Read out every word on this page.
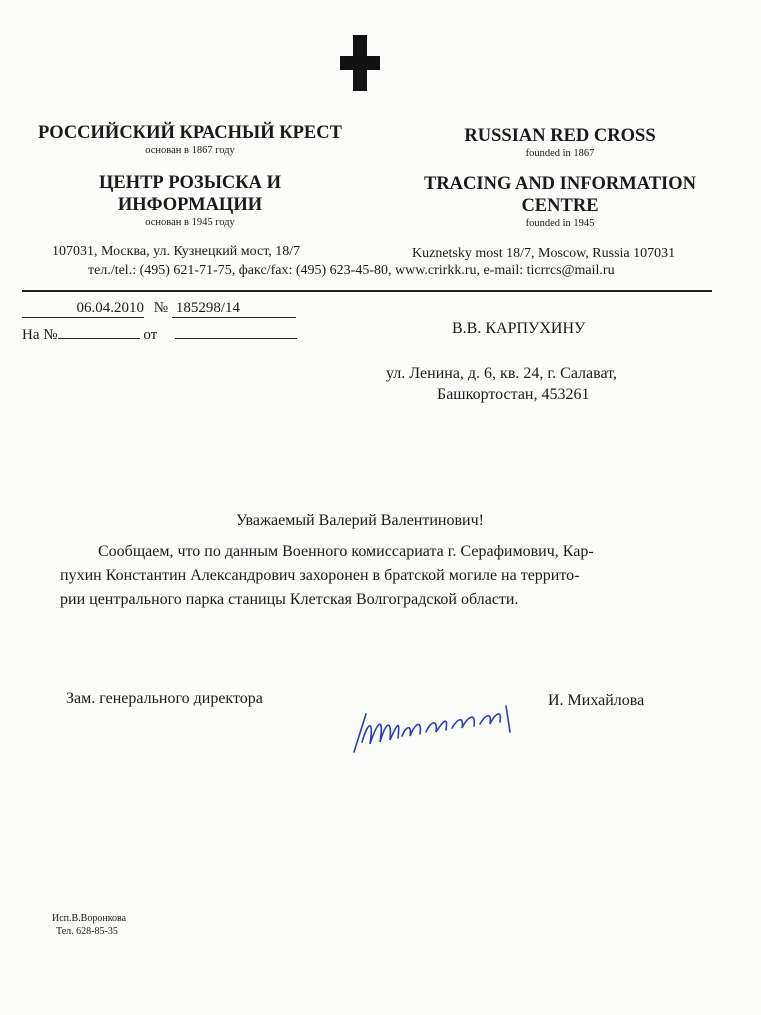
РОССИЙСКИЙ КРАСНЫЙ КРЕСТ
основан в 1867 году
ЦЕНТР РОЗЫСКА И
ИНФОРМАЦИИ
основан в 1945 году
RUSSIAN RED CROSS
founded in 1867
TRACING AND INFORMATION
CENTRE
founded in 1945
107031, Москва, ул. Кузнецкий мост, 18/7	Kuznetsky most 18/7, Moscow, Russia 107031
тел./tel.: (495) 621-71-75, факс/fax: (495) 623-45-80, www.crirkk.ru, e-mail: ticrrcs@mail.ru
06.04.2010 № 185298/14
На №	от	В.В. КАРПУХИНУ
ул. Ленина, д. 6, кв. 24, г. Салават,
Башкортостан, 453261
Уважаемый Валерий Валентинович!
Сообщаем, что по данным Военного комиссариата г. Серафимович, Кар-
пухин Константин Александрович захоронен в братской могиле на террито-
рии центрального парка станицы Клетская Волгоградской области.
Зам. генерального директора	И. Михайлова
Исп.В.Воронкова
Тел. 628-85-35
